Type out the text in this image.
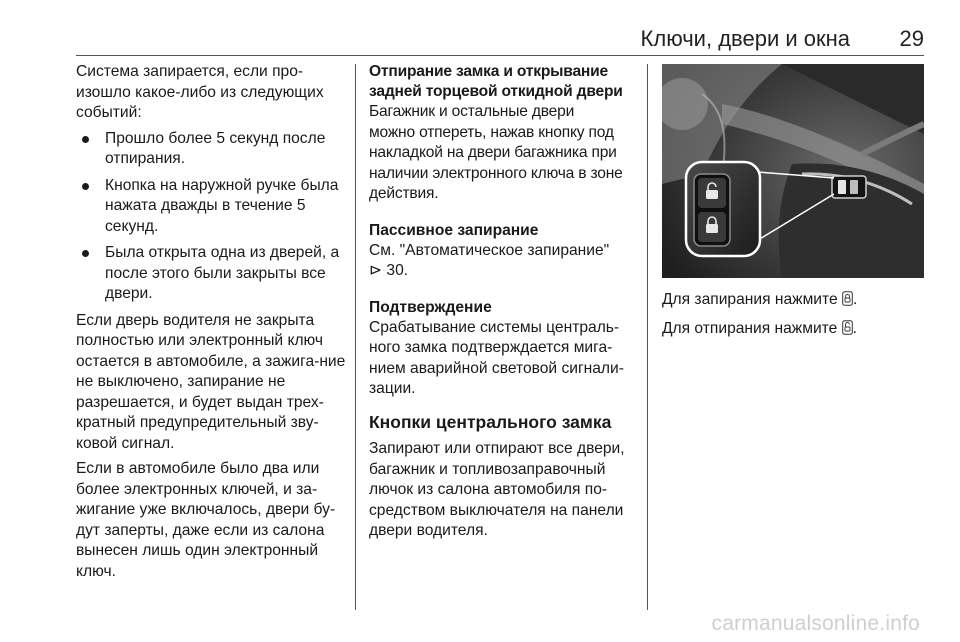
Ключи, двери и окна 29

Система запирается, если про-изошло какое-либо из следующих событий:

Прошло более 5 секунд после отпирания.
Кнопка на наружной ручке была нажата дважды в течение 5 секунд.
Была открыта одна из дверей, а после этого были закрыты все двери.

Если дверь водителя не закрыта полностью или электронный ключ остается в автомобиле, а зажига-ние не выключено, запирание не разрешается, и будет выдан трех-кратный предупредительный зву-ковой сигнал.

Если в автомобиле было два или более электронных ключей, и за-жигание уже включалось, двери бу-дут заперты, даже если из салона вынесен лишь один электронный ключ.

Отпирание замка и открывание
задней торцевой откидной двери

Багажник и остальные двери
можно отпереть, нажав кнопку под
накладкой на двери багажника при
наличии электронного ключа в зоне
действия.

Пассивное запирание

См. "Автоматическое запирание"
⊳ 30.

Подтверждение

Срабатывание системы централь-ного замка подтверждается мига-нием аварийной световой сигнали-зации.

Кнопки центрального замка

Запирают или отпирают все двери, багажник и топливозаправочный лючок из салона автомобиля по-средством выключателя на панели двери водителя.

Для запирания нажмите .

Для отпирания нажмите .

carmanualsonline.info
